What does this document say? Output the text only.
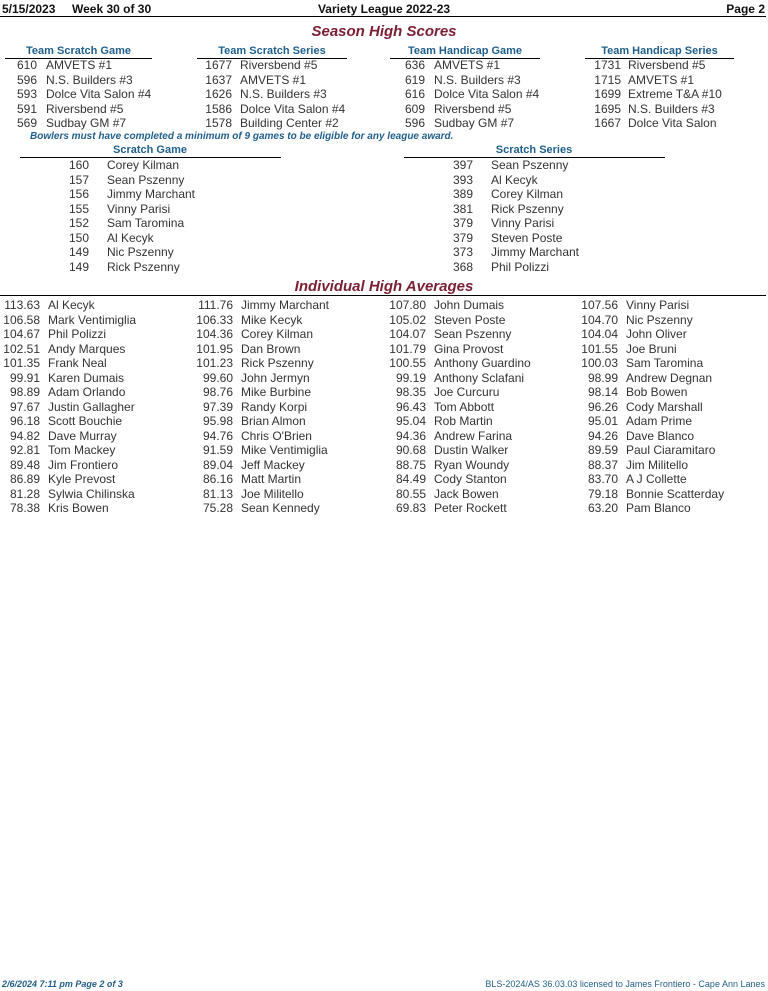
5/15/2023 Week 30 of 30	Variety League 2022-23	Page 2
Season High Scores
Team Scratch Game
610 AMVETS #1
596 N.S. Builders #3
593 Dolce Vita Salon #4
591 Riversbend #5
569 Sudbay GM #7
Team Scratch Series
1677 Riversbend #5
1637 AMVETS #1
1626 N.S. Builders #3
1586 Dolce Vita Salon #4
1578 Building Center #2
Team Handicap Game
636 AMVETS #1
619 N.S. Builders #3
616 Dolce Vita Salon #4
609 Riversbend #5
596 Sudbay GM #7
Team Handicap Series
1731 Riversbend #5
1715 AMVETS #1
1699 Extreme T&A #10
1695 N.S. Builders #3
1667 Dolce Vita Salon
Bowlers must have completed a minimum of 9 games to be eligible for any league award.
Scratch Game
160 Corey Kilman
157 Sean Pszenny
156 Jimmy Marchant
155 Vinny Parisi
152 Sam Taromina
150 Al Kecyk
149 Nic Pszenny
149 Rick Pszenny
Scratch Series
397 Sean Pszenny
393 Al Kecyk
389 Corey Kilman
381 Rick Pszenny
379 Vinny Parisi
379 Steven Poste
373 Jimmy Marchant
368 Phil Polizzi
Individual High Averages
113.63 Al Kecyk
106.58 Mark Ventimiglia
104.67 Phil Polizzi
102.51 Andy Marques
101.35 Frank Neal
99.91 Karen Dumais
98.89 Adam Orlando
97.67 Justin Gallagher
96.18 Scott Bouchie
94.82 Dave Murray
92.81 Tom Mackey
89.48 Jim Frontiero
86.89 Kyle Prevost
81.28 Sylwia Chilinska
78.38 Kris Bowen
111.76 Jimmy Marchant
106.33 Mike Kecyk
104.36 Corey Kilman
101.95 Dan Brown
101.23 Rick Pszenny
99.60 John Jermyn
98.76 Mike Burbine
97.39 Randy Korpi
95.98 Brian Almon
94.76 Chris O'Brien
91.59 Mike Ventimiglia
89.04 Jeff Mackey
86.16 Matt Martin
81.13 Joe Militello
75.28 Sean Kennedy
107.80 John Dumais
105.02 Steven Poste
104.07 Sean Pszenny
101.79 Gina Provost
100.55 Anthony Guardino
99.19 Anthony Sclafani
98.35 Joe Curcuru
96.43 Tom Abbott
95.04 Rob Martin
94.36 Andrew Farina
90.68 Dustin Walker
88.75 Ryan Woundy
84.49 Cody Stanton
80.55 Jack Bowen
69.83 Peter Rockett
107.56 Vinny Parisi
104.70 Nic Pszenny
104.04 John Oliver
101.55 Joe Bruni
100.03 Sam Taromina
98.99 Andrew Degnan
98.14 Bob Bowen
96.26 Cody Marshall
95.01 Adam Prime
94.26 Dave Blanco
89.59 Paul Ciaramitaro
88.37 Jim Militello
83.70 A J Collette
79.18 Bonnie Scatterday
63.20 Pam Blanco
2/6/2024 7:11 pm Page 2 of 3	BLS-2024/AS 36.03.03 licensed to James Frontiero - Cape Ann Lanes
